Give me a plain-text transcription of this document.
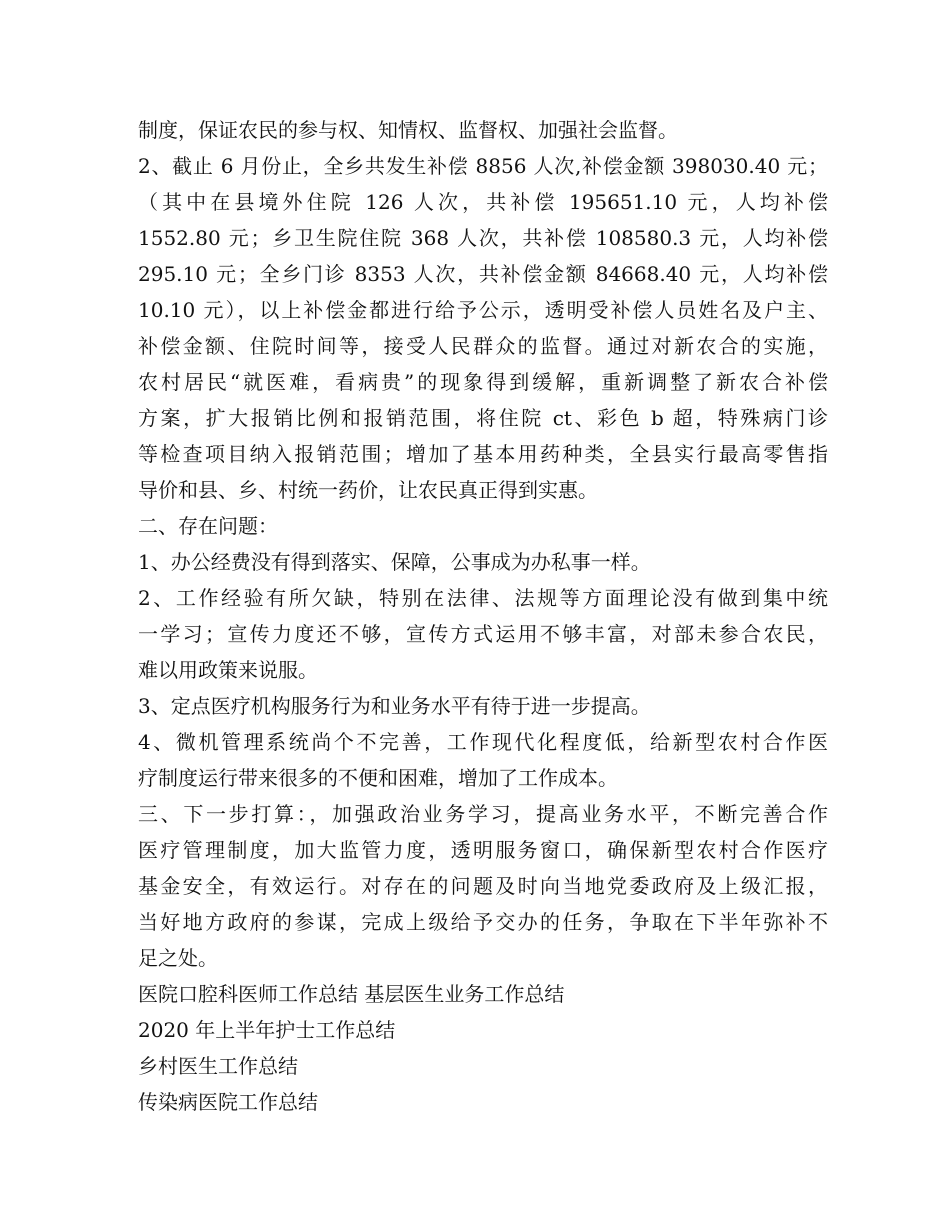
制度，保证农民的参与权、知情权、监督权、加强社会监督。
2、截止 6 月份止，全乡共发生补偿 8856 人次,补偿金额 398030.40 元；
（其中在县境外住院 126 人次，共补偿 195651.10 元，人均补偿
1552.80 元；乡卫生院住院 368 人次，共补偿 108580.3 元，人均补偿
295.10 元；全乡门诊 8353 人次，共补偿金额 84668.40 元，人均补偿
10.10 元），以上补偿金都进行给予公示，透明受补偿人员姓名及户主、
补偿金额、住院时间等，接受人民群众的监督。通过对新农合的实施，
农村居民“就医难，看病贵”的现象得到缓解，重新调整了新农合补偿
方案，扩大报销比例和报销范围，将住院 ct、彩色 b 超，特殊病门诊
等检查项目纳入报销范围；增加了基本用药种类，全县实行最高零售指
导价和县、乡、村统一药价，让农民真正得到实惠。
二、存在问题：
1、办公经费没有得到落实、保障，公事成为办私事一样。
2、工作经验有所欠缺，特别在法律、法规等方面理论没有做到集中统
一学习；宣传力度还不够，宣传方式运用不够丰富，对部未参合农民，
难以用政策来说服。
3、定点医疗机构服务行为和业务水平有待于进一步提高。
4、微机管理系统尚个不完善，工作现代化程度低，给新型农村合作医
疗制度运行带来很多的不便和困难，增加了工作成本。
三、下一步打算：，加强政治业务学习，提高业务水平，不断完善合作
医疗管理制度，加大监管力度，透明服务窗口，确保新型农村合作医疗
基金安全，有效运行。对存在的问题及时向当地党委政府及上级汇报，
当好地方政府的参谋，完成上级给予交办的任务，争取在下半年弥补不
足之处。
医院口腔科医师工作总结 基层医生业务工作总结
2020 年上半年护士工作总结
乡村医生工作总结
传染病医院工作总结
